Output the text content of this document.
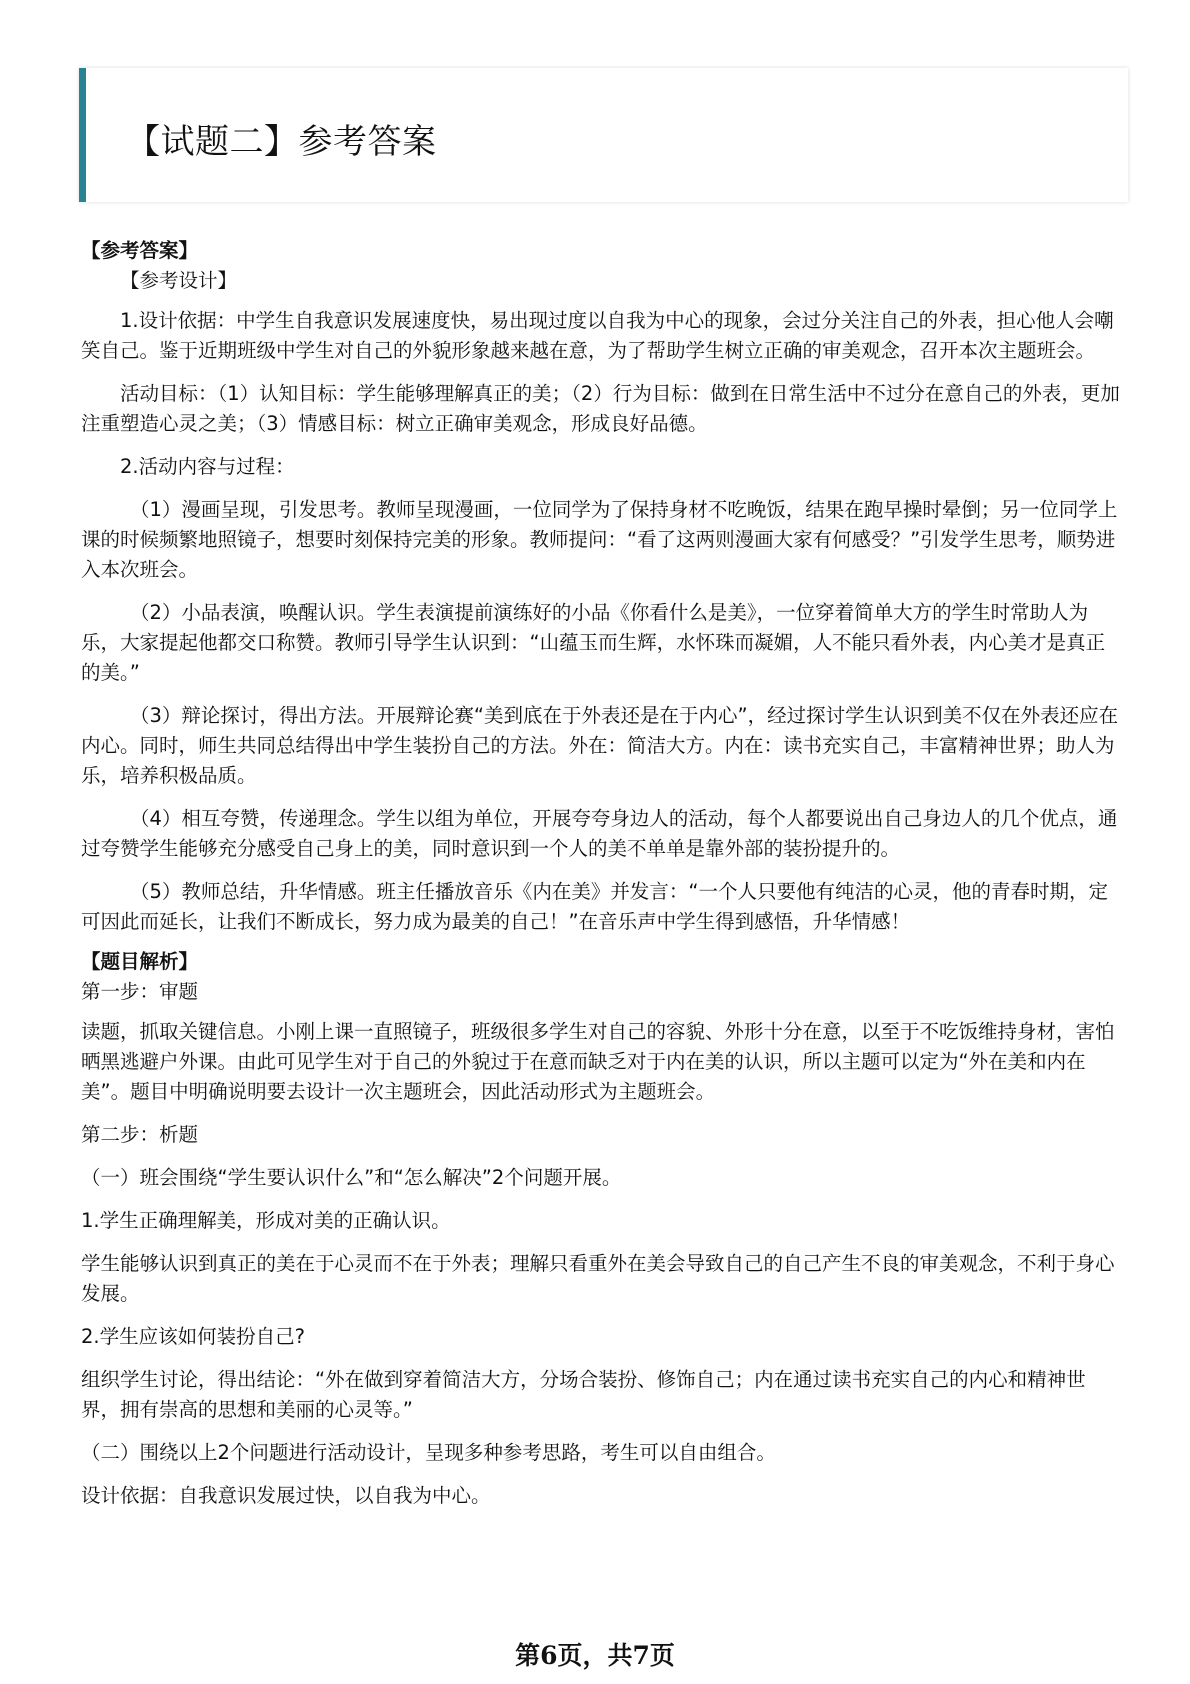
【试题二】参考答案

【参考答案】

【参考设计】

1.设计依据：中学生自我意识发展速度快，易出现过度以自我为中心的现象，会过分关注自己的外表，担心他人会嘲笑自己。鉴于近期班级中学生对自己的外貌形象越来越在意，为了帮助学生树立正确的审美观念，召开本次主题班会。

活动目标：（1）认知目标：学生能够理解真正的美；（2）行为目标：做到在日常生活中不过分在意自己的外表，更加注重塑造心灵之美；（3）情感目标：树立正确审美观念，形成良好品德。

2.活动内容与过程：

（1）漫画呈现，引发思考。教师呈现漫画，一位同学为了保持身材不吃晚饭，结果在跑早操时晕倒；另一位同学上课的时候频繁地照镜子，想要时刻保持完美的形象。教师提问：“看了这两则漫画大家有何感受？”引发学生思考，顺势进入本次班会。

（2）小品表演，唤醒认识。学生表演提前演练好的小品《你看什么是美》，一位穿着简单大方的学生时常助人为乐，大家提起他都交口称赞。教师引导学生认识到：“山蕴玉而生辉，水怀珠而凝媚，人不能只看外表，内心美才是真正的美。”

（3）辩论探讨，得出方法。开展辩论赛“美到底在于外表还是在于内心”，经过探讨学生认识到美不仅在外表还应在内心。同时，师生共同总结得出中学生装扮自己的方法。外在：简洁大方。内在：读书充实自己，丰富精神世界；助人为乐，培养积极品质。

（4）相互夸赞，传递理念。学生以组为单位，开展夸夸身边人的活动，每个人都要说出自己身边人的几个优点，通过夸赞学生能够充分感受自己身上的美，同时意识到一个人的美不单单是靠外部的装扮提升的。

（5）教师总结，升华情感。班主任播放音乐《内在美》并发言：“一个人只要他有纯洁的心灵，他的青春时期，定可因此而延长，让我们不断成长，努力成为最美的自己！”在音乐声中学生得到感悟，升华情感！

【题目解析】

第一步：审题

读题，抓取关键信息。小刚上课一直照镜子，班级很多学生对自己的容貌、外形十分在意，以至于不吃饭维持身材，害怕晒黑逃避户外课。由此可见学生对于自己的外貌过于在意而缺乏对于内在美的认识，所以主题可以定为“外在美和内在美”。题目中明确说明要去设计一次主题班会，因此活动形式为主题班会。

第二步：析题

（一）班会围绕“学生要认识什么”和“怎么解决”2个问题开展。

1.学生正确理解美，形成对美的正确认识。

学生能够认识到真正的美在于心灵而不在于外表；理解只看重外在美会导致自己的自己产生不良的审美观念，不利于身心发展。

2.学生应该如何装扮自己?

组织学生讨论，得出结论：“外在做到穿着简洁大方，分场合装扮、修饰自己；内在通过读书充实自己的内心和精神世界，拥有崇高的思想和美丽的心灵等。”

（二）围绕以上2个问题进行活动设计，呈现多种参考思路，考生可以自由组合。

设计依据：自我意识发展过快，以自我为中心。

第6页，共7页
